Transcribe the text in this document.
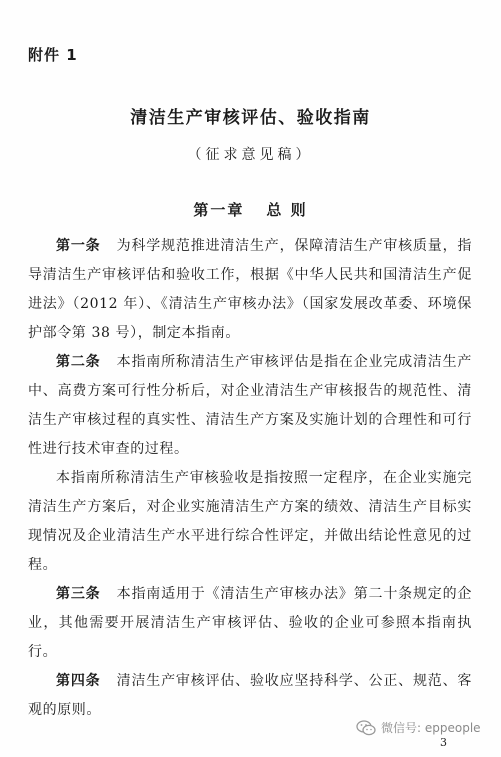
附件 1
清洁生产审核评估、验收指南
（征求意见稿）
第一章 总 则

第一条 为科学规范推进清洁生产，保障清洁生产审核质量，指导清洁生产审核评估和验收工作，根据《中华人民共和国清洁生产促进法》（2012 年）、《清洁生产审核办法》（国家发展改革委、环境保护部令第 38 号），制定本指南。

第二条 本指南所称清洁生产审核评估是指在企业完成清洁生产中、高费方案可行性分析后，对企业清洁生产审核报告的规范性、清洁生产审核过程的真实性、清洁生产方案及实施计划的合理性和可行性进行技术审查的过程。

本指南所称清洁生产审核验收是指按照一定程序，在企业实施完清洁生产方案后，对企业实施清洁生产方案的绩效、清洁生产目标实现情况及企业清洁生产水平进行综合性评定，并做出结论性意见的过程。

第三条 本指南适用于《清洁生产审核办法》第二十条规定的企业，其他需要开展清洁生产审核评估、验收的企业可参照本指南执行。

第四条 清洁生产审核评估、验收应坚持科学、公正、规范、客观的原则。

微信号: eppeople
3
